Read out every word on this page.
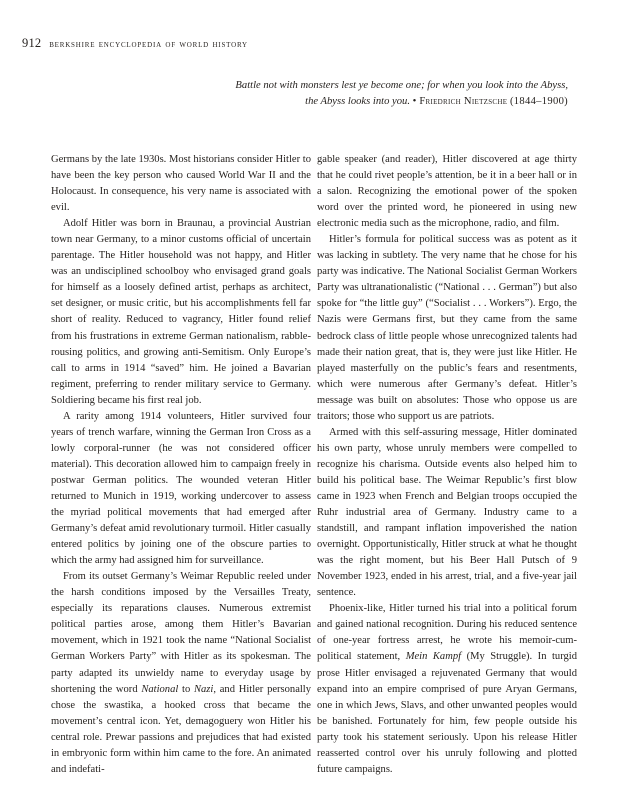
912 berkshire encyclopedia of world history
Battle not with monsters lest ye become one; for when you look into the Abyss,
the Abyss looks into you. • Friedrich Nietzsche (1844–1900)

Germans by the late 1930s. Most historians consider Hitler to have been the key person who caused World War II and the Holocaust. In consequence, his very name is associated with evil.

Adolf Hitler was born in Braunau, a provincial Austrian town near Germany, to a minor customs official of uncertain parentage. The Hitler household was not happy, and Hitler was an undisciplined schoolboy who envisaged grand goals for himself as a loosely defined artist, perhaps as architect, set designer, or music critic, but his accomplishments fell far short of reality. Reduced to vagrancy, Hitler found relief from his frustrations in extreme German nationalism, rabble-rousing politics, and growing anti-Semitism. Only Europe’s call to arms in 1914 “saved” him. He joined a Bavarian regiment, preferring to render military service to Germany. Soldiering became his first real job.

A rarity among 1914 volunteers, Hitler survived four years of trench warfare, winning the German Iron Cross as a lowly corporal-runner (he was not considered officer material). This decoration allowed him to campaign freely in postwar German politics. The wounded veteran Hitler returned to Munich in 1919, working undercover to assess the myriad political movements that had emerged after Germany’s defeat amid revolutionary turmoil. Hitler casually entered politics by joining one of the obscure parties to which the army had assigned him for surveillance.

From its outset Germany’s Weimar Republic reeled under the harsh conditions imposed by the Versailles Treaty, especially its reparations clauses. Numerous extremist political parties arose, among them Hitler’s Bavarian movement, which in 1921 took the name “National Socialist German Workers Party” with Hitler as its spokesman. The party adapted its unwieldy name to everyday usage by shortening the word National to Nazi, and Hitler personally chose the swastika, a hooked cross that became the movement’s central icon. Yet, demagoguery won Hitler his central role. Prewar passions and prejudices that had existed in embryonic form within him came to the fore. An animated and indefati-

gable speaker (and reader), Hitler discovered at age thirty that he could rivet people’s attention, be it in a beer hall or in a salon. Recognizing the emotional power of the spoken word over the printed word, he pioneered in using new electronic media such as the microphone, radio, and film.

Hitler’s formula for political success was as potent as it was lacking in subtlety. The very name that he chose for his party was indicative. The National Socialist German Workers Party was ultranationalistic (“National . . . German”) but also spoke for “the little guy” (“Socialist . . . Workers”). Ergo, the Nazis were Germans first, but they came from the same bedrock class of little people whose unrecognized talents had made their nation great, that is, they were just like Hitler. He played masterfully on the public’s fears and resentments, which were numerous after Germany’s defeat. Hitler’s message was built on absolutes: Those who oppose us are traitors; those who support us are patriots.

Armed with this self-assuring message, Hitler dominated his own party, whose unruly members were compelled to recognize his charisma. Outside events also helped him to build his political base. The Weimar Republic’s first blow came in 1923 when French and Belgian troops occupied the Ruhr industrial area of Germany. Industry came to a standstill, and rampant inflation impoverished the nation overnight. Opportunistically, Hitler struck at what he thought was the right moment, but his Beer Hall Putsch of 9 November 1923, ended in his arrest, trial, and a five-year jail sentence.

Phoenix-like, Hitler turned his trial into a political forum and gained national recognition. During his reduced sentence of one-year fortress arrest, he wrote his memoir-cum-political statement, Mein Kampf (My Struggle). In turgid prose Hitler envisaged a rejuvenated Germany that would expand into an empire comprised of pure Aryan Germans, one in which Jews, Slavs, and other unwanted peoples would be banished. Fortunately for him, few people outside his party took his statement seriously. Upon his release Hitler reasserted control over his unruly following and plotted future campaigns.
